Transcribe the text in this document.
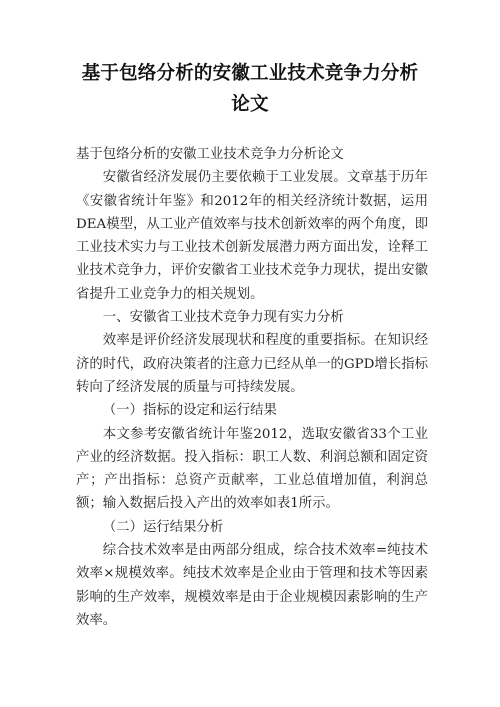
基于包络分析的安徽工业技术竞争力分析
论文

基于包络分析的安徽工业技术竞争力分析论文

安徽省经济发展仍主要依赖于工业发展。文章基于历年《安徽省统计年鉴》和2012年的相关经济统计数据，运用DEA模型，从工业产值效率与技术创新效率的两个角度，即工业技术实力与工业技术创新发展潜力两方面出发，诠释工业技术竞争力，评价安徽省工业技术竞争力现状，提出安徽省提升工业竞争力的相关规划。

一、安徽省工业技术竞争力现有实力分析

效率是评价经济发展现状和程度的重要指标。在知识经济的时代，政府决策者的注意力已经从单一的GPD增长指标转向了经济发展的质量与可持续发展。

（一）指标的设定和运行结果

本文参考安徽省统计年鉴2012，选取安徽省33个工业产业的经济数据。投入指标：职工人数、利润总额和固定资产；产出指标：总资产贡献率，工业总值增加值，利润总额；输入数据后投入产出的效率如表1所示。

（二）运行结果分析

综合技术效率是由两部分组成，综合技术效率=纯技术效率×规模效率。纯技术效率是企业由于管理和技术等因素影响的生产效率，规模效率是由于企业规模因素影响的生产效率。
